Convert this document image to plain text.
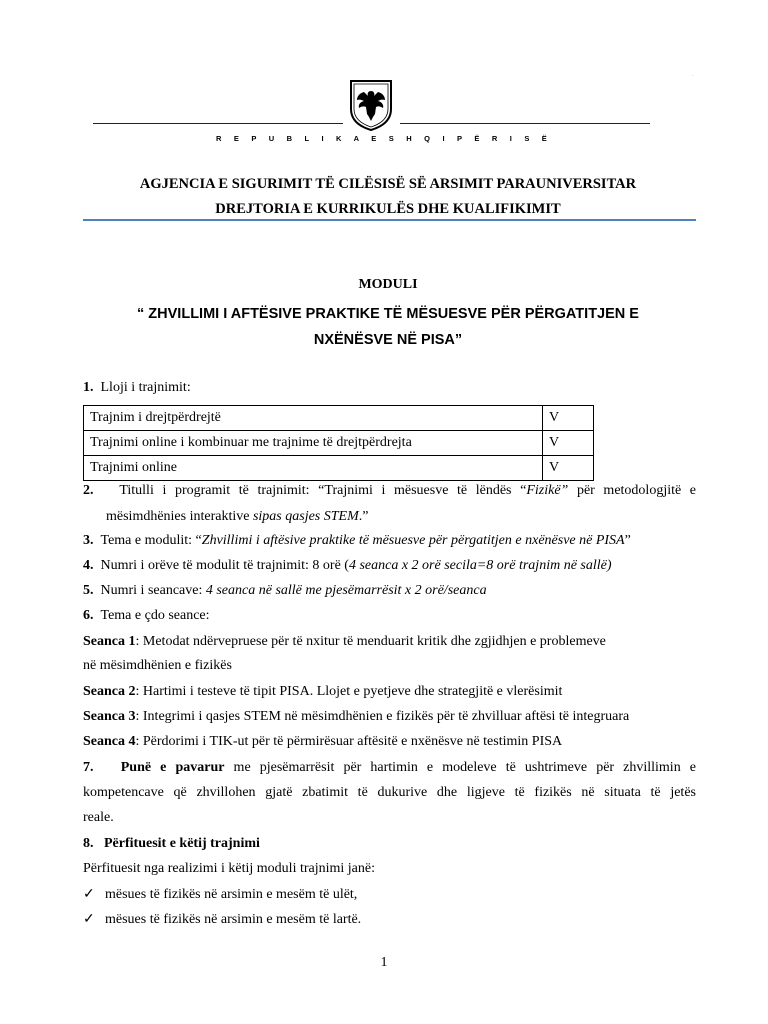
R E P U B L I K A E S H Q I P Ë R I S Ë
.
AGJENCIA E SIGURIMIT TË CILËSISË SË ARSIMIT PARAUNIVERSITAR
DREJTORIA E KURRIKULËS DHE KUALIFIKIMIT
MODULI
“ ZHVILLIMI I AFTËSIVE PRAKTIKE TË MËSUESVE PËR PËRGATITJEN E NXËNËSVE NË PISA”
1. Lloji i trajnimit:
Trajnim i drejtpërdrejtë	V
Trajnimi online i kombinuar me trajnime të drejtpërdrejta	V
Trajnimi online	V
2. Titulli i programit të trajnimit: “Trajnimi i mësuesve të lëndës “Fizikë” për metodologjitë e
mësimdhënies interaktive sipas qasjes STEM.”
3. Tema e modulit: “Zhvillimi i aftësive praktike të mësuesve për përgatitjen e nxënësve në PISA”
4. Numri i orëve të modulit të trajnimit: 8 orë (4 seanca x 2 orë secila=8 orë trajnim në sallë)
5. Numri i seancave: 4 seanca në sallë me pjesëmarrësit x 2 orë/seanca
6. Tema e çdo seance:
Seanca 1: Metodat ndërvepruese për të nxitur të menduarit kritik dhe zgjidhjen e problemeve
në mësimdhënien e fizikës
Seanca 2: Hartimi i testeve të tipit PISA. Llojet e pyetjeve dhe strategjitë e vlerësimit
Seanca 3: Integrimi i qasjes STEM në mësimdhënien e fizikës për të zhvilluar aftësi të integruara
Seanca 4: Përdorimi i TIK-ut për të përmirësuar aftësitë e nxënësve në testimin PISA
7. Punë e pavarur me pjesëmarrësit për hartimin e modeleve të ushtrimeve për zhvillimin e
kompetencave që zhvillohen gjatë zbatimit të dukurive dhe ligjeve të fizikës në situata të jetës
reale.
8. Përfituesit e këtij trajnimi
Përfituesit nga realizimi i këtij moduli trajnimi janë:
✓ mësues të fizikës në arsimin e mesëm të ulët,
✓ mësues të fizikës në arsimin e mesëm të lartë.
1
